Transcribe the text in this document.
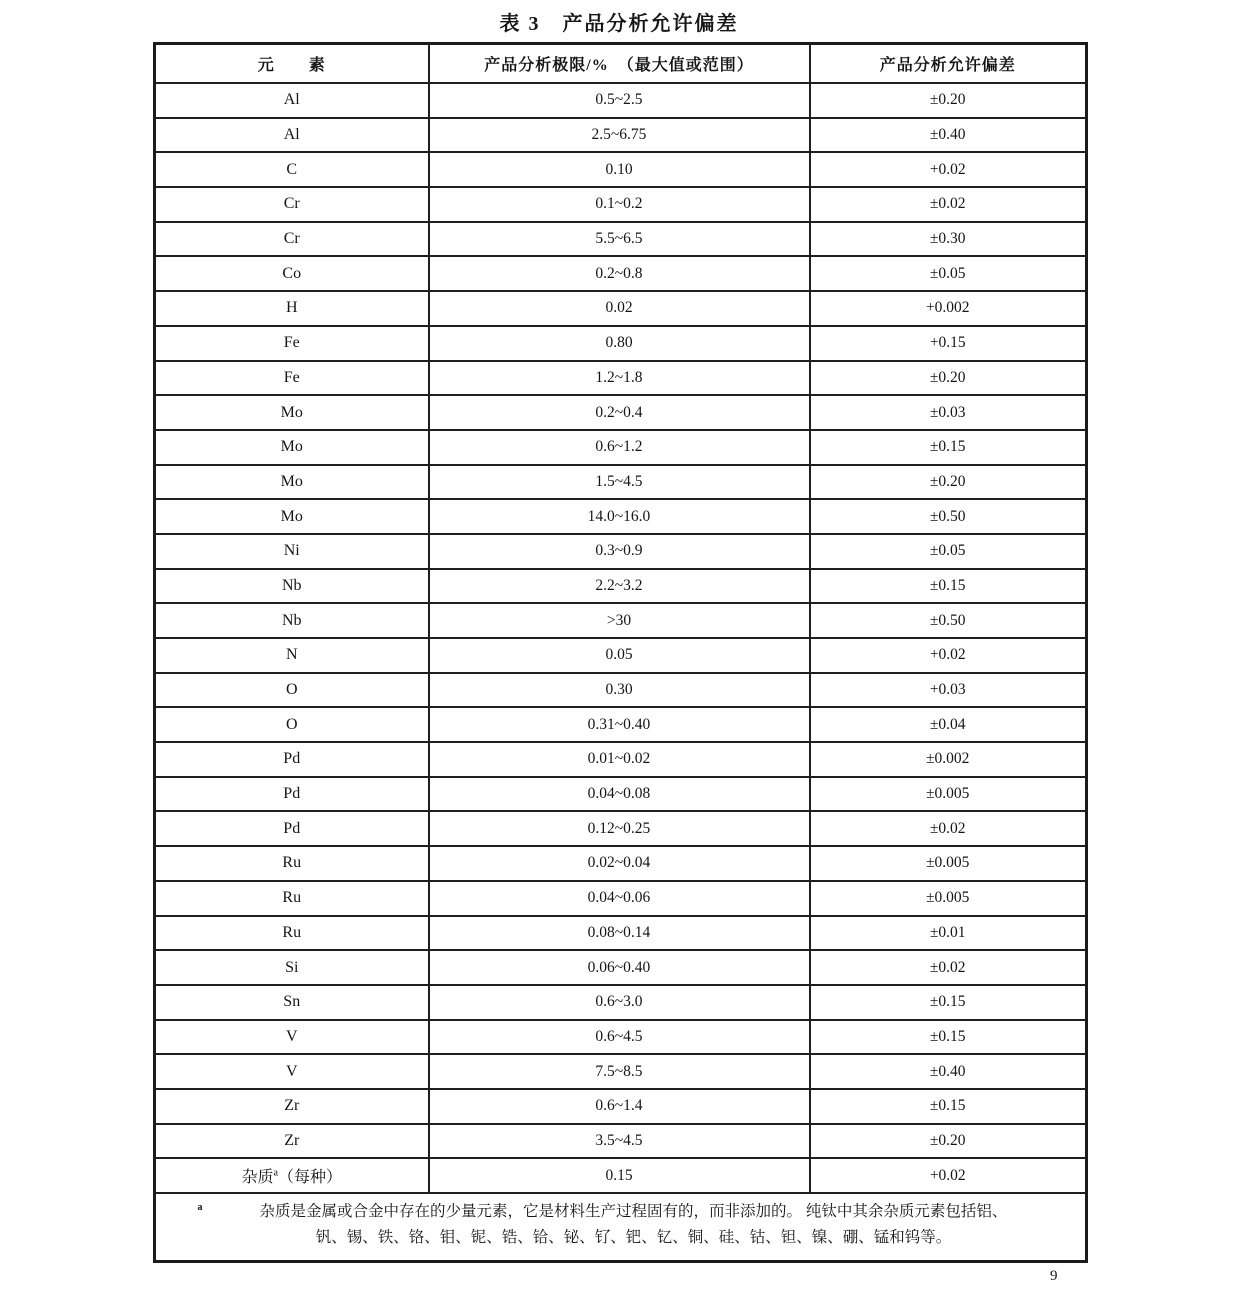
表 3　产品分析允许偏差
元　　素	产品分析极限/%　（最大值或范围）	产品分析允许偏差
Al	0.5~2.5	±0.20
Al	2.5~6.75	±0.40
C	0.10	+0.02
Cr	0.1~0.2	±0.02
Cr	5.5~6.5	±0.30
Co	0.2~0.8	±0.05
H	0.02	+0.002
Fe	0.80	+0.15
Fe	1.2~1.8	±0.20
Mo	0.2~0.4	±0.03
Mo	0.6~1.2	±0.15
Mo	1.5~4.5	±0.20
Mo	14.0~16.0	±0.50
Ni	0.3~0.9	±0.05
Nb	2.2~3.2	±0.15
Nb	>30	±0.50
N	0.05	+0.02
O	0.30	+0.03
O	0.31~0.40	±0.04
Pd	0.01~0.02	±0.002
Pd	0.04~0.08	±0.005
Pd	0.12~0.25	±0.02
Ru	0.02~0.04	±0.005
Ru	0.04~0.06	±0.005
Ru	0.08~0.14	±0.01
Si	0.06~0.40	±0.02
Sn	0.6~3.0	±0.15
V	0.6~4.5	±0.15
V	7.5~8.5	±0.40
Zr	0.6~1.4	±0.15
Zr	3.5~4.5	±0.20
杂质$^a$（每种）	0.15	+0.02

$^a$ 杂质是金属或合金中存在的少量元素，它是材料生产过程固有的，而非添加的。 纯钛中其余杂质元素包括铝、
钒、锡、铁、铬、钼、铌、锆、铪、铋、钌、钯、钇、铜、硅、钴、钽、镍、硼、锰和钨等。		
9
